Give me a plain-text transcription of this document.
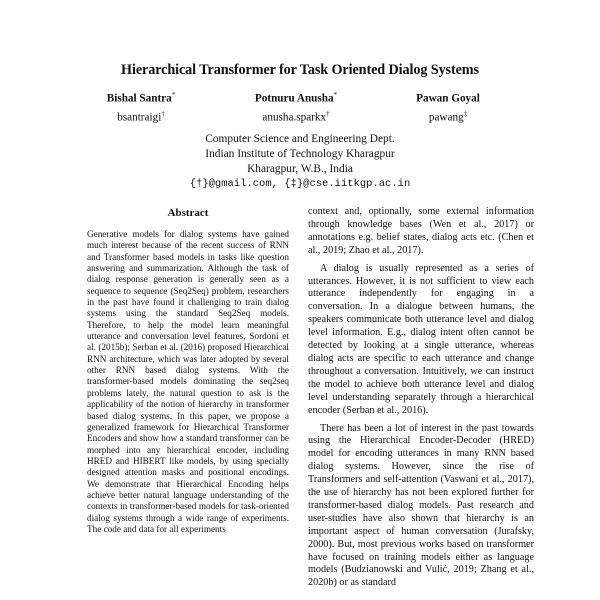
Hierarchical Transformer for Task Oriented Dialog Systems
Bishal Santra*
bsantraigi†
Potnuru Anusha*
anusha.sparkx†
Pawan Goyal
pawang‡
Computer Science and Engineering Dept.
Indian Institute of Technology Kharagpur
Kharagpur, W.B., India
{†}@gmail.com, {‡}@cse.iitkgp.ac.in
Abstract

Generative models for dialog systems have gained much interest because of the recent success of RNN and Transformer based models in tasks like question answering and summarization. Although the task of dialog response generation is generally seen as a sequence to sequence (Seq2Seq) problem, researchers in the past have found it challenging to train dialog systems using the standard Seq2Seq models. Therefore, to help the model learn meaningful utterance and conversation level features, Sordoni et al. (2015b); Serban et al. (2016) proposed Hierarchical RNN architecture, which was later adopted by several other RNN based dialog systems. With the transformer-based models dominating the seq2seq problems lately, the natural question to ask is the applicability of the notion of hierarchy in transformer based dialog systems. In this paper, we propose a generalized framework for Hierarchical Transformer Encoders and show how a standard transformer can be morphed into any hierarchical encoder, including HRED and HIBERT like models, by using specially designed attention masks and positional encodings. We demonstrate that Hierarchical Encoding helps achieve better natural language understanding of the contexts in transformer-based models for task-oriented dialog systems through a wide range of experiments. The code and data for all experiments

context and, optionally, some external information through knowledge bases (Wen et al., 2017) or annotations e.g. belief states, dialog acts etc. (Chen et al., 2019; Zhao et al., 2017).

A dialog is usually represented as a series of utterances. However, it is not sufficient to view each utterance independently for engaging in a conversation. In a dialogue between humans, the speakers communicate both utterance level and dialog level information. E.g., dialog intent often cannot be detected by looking at a single utterance, whereas dialog acts are specific to each utterance and change throughout a conversation. Intuitively, we can instruct the model to achieve both utterance level and dialog level understanding separately through a hierarchical encoder (Serban et al., 2016).

There has been a lot of interest in the past towards using the Hierarchical Encoder-Decoder (HRED) model for encoding utterances in many RNN based dialog systems. However, since the rise of Transformers and self-attention (Vaswani et al., 2017), the use of hierarchy has not been explored further for transformer-based dialog models. Past research and user-studies have also shown that hierarchy is an important aspect of human conversation (Jurafsky, 2000). But, most previous works based on transformer have focused on training models either as language models (Budzianowski and Vulić, 2019; Zhang et al., 2020b) or as standard
